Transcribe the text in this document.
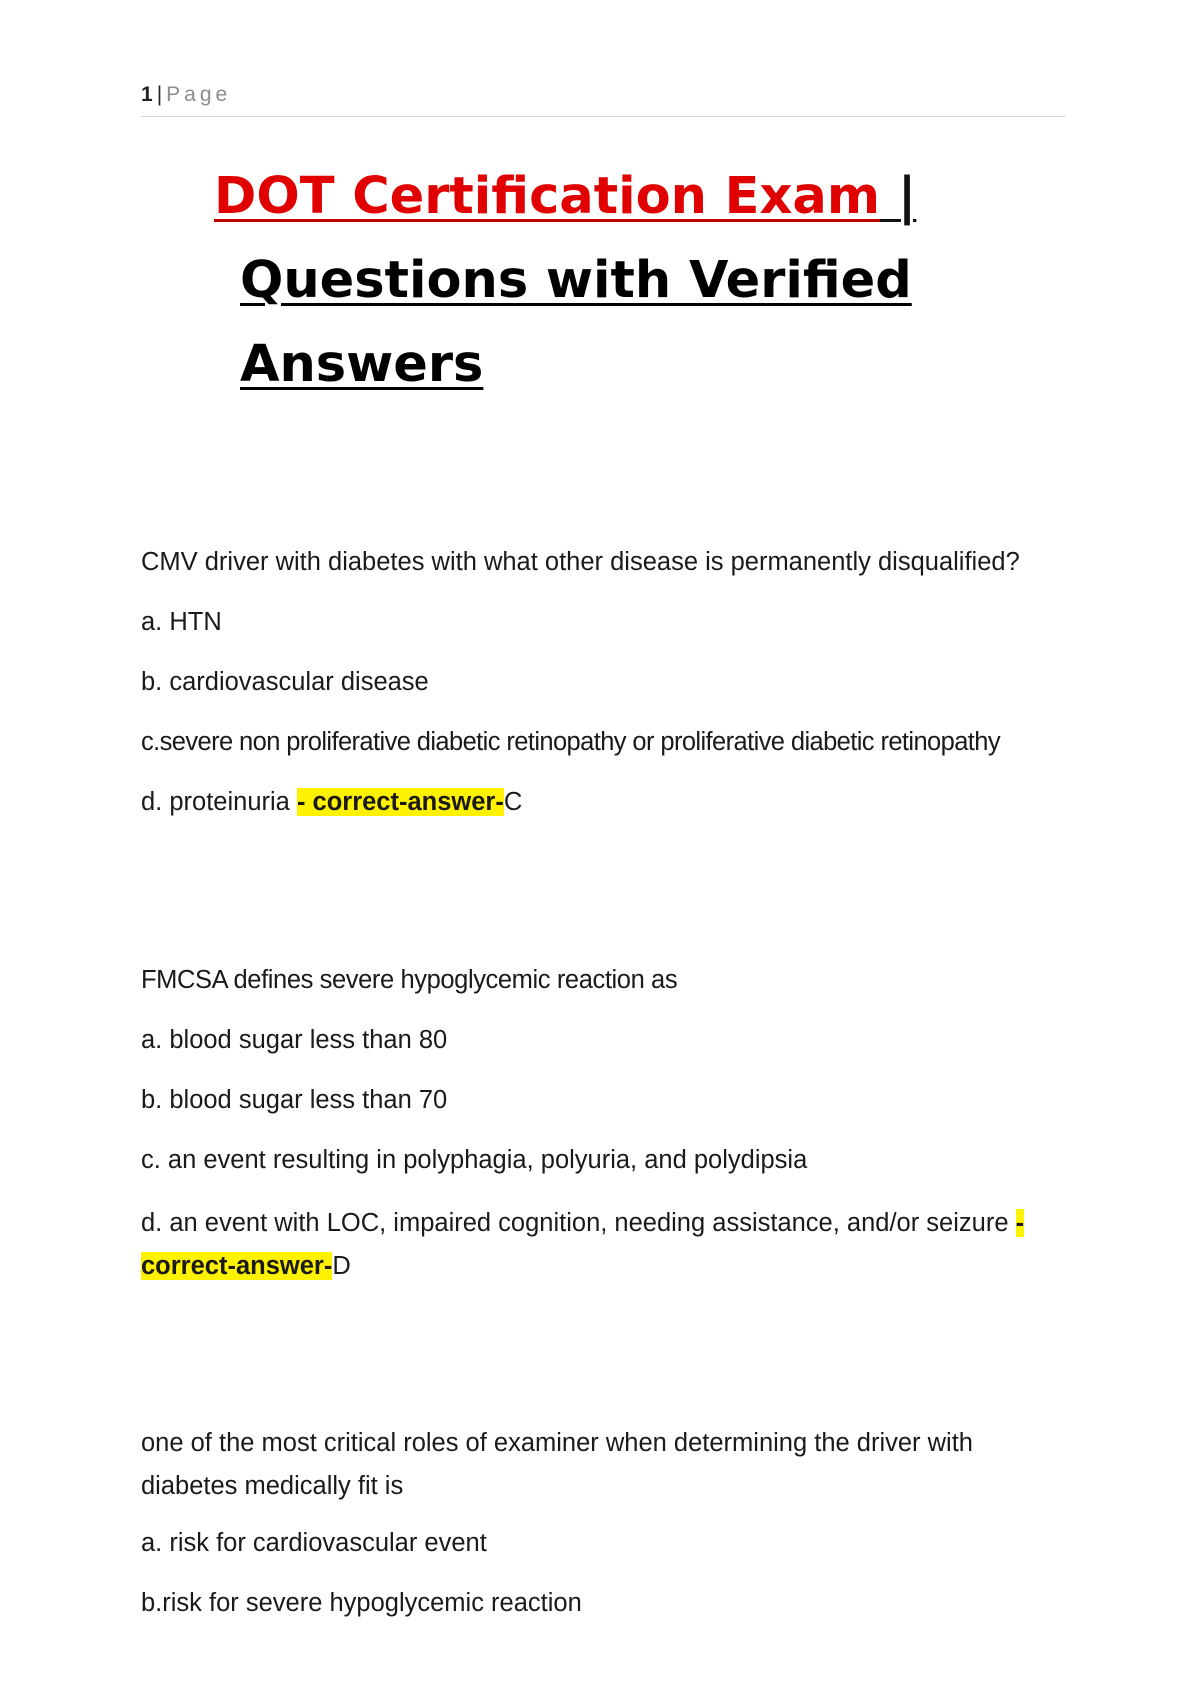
1 | Page
DOT Certification Exam |
Questions with Verified
Answers

CMV driver with diabetes with what other disease is permanently disqualified?

a. HTN

b. cardiovascular disease

c.severe non proliferative diabetic retinopathy or proliferative diabetic retinopathy

d. proteinuria - correct-answer-C

FMCSA defines severe hypoglycemic reaction as

a. blood sugar less than 80

b. blood sugar less than 70

c. an event resulting in polyphagia, polyuria, and polydipsia

d. an event with LOC, impaired cognition, needing assistance, and/or seizure -
correct-answer-D

one of the most critical roles of examiner when determining the driver with

diabetes medically fit is

a. risk for cardiovascular event

b.risk for severe hypoglycemic reaction
